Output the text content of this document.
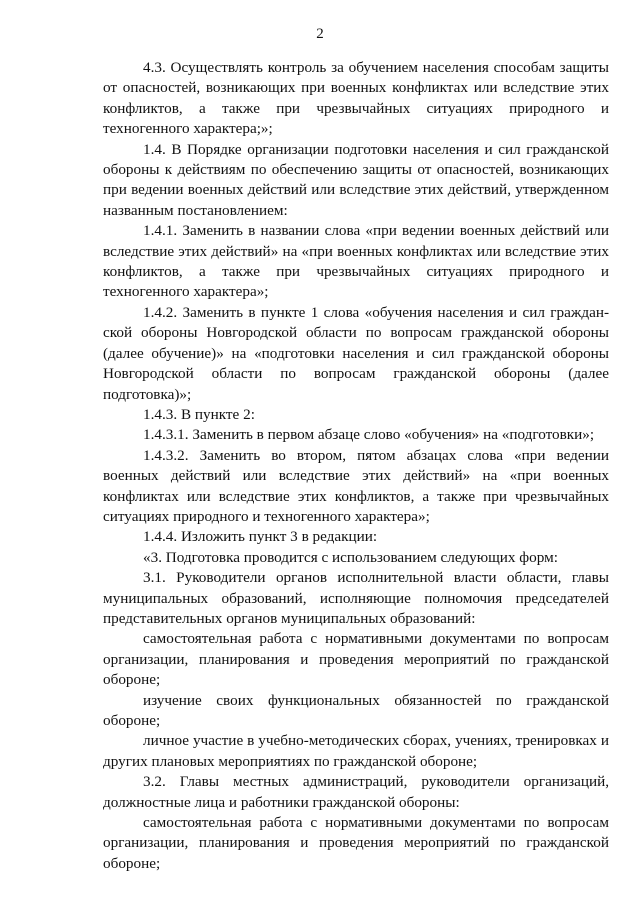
2

4.3. Осуществлять контроль за обучением населения способам защиты от опасностей, возникающих при военных конфликтах или вследствие этих конфликтов, а также при чрезвычайных ситуациях природного и техногенного характера;»;

1.4. В Порядке организации подготовки населения и сил гражданской обороны к действиям по обеспечению защиты от опасностей, возникающих при ведении военных действий или вследствие этих действий, утвержденном названным постановлением:

1.4.1. Заменить в названии слова «при ведении военных действий или вследствие этих действий» на «при военных конфликтах или вследствие этих конфликтов, а также при чрезвычайных ситуациях природного и техногенного характера»;

1.4.2. Заменить в пункте 1 слова «обучения населения и сил граждан-ской обороны Новгородской области по вопросам гражданской обороны (далее обучение)» на «подготовки населения и сил гражданской обороны Новгородской области по вопросам гражданской обороны (далее подготовка)»;

1.4.3. В пункте 2:

1.4.3.1. Заменить в первом абзаце слово «обучения» на «подготовки»;

1.4.3.2. Заменить во втором, пятом абзацах слова «при ведении военных действий или вследствие этих действий» на «при военных конфликтах или вследствие этих конфликтов, а также при чрезвычайных ситуациях природного и техногенного характера»;

1.4.4. Изложить пункт 3 в редакции:

«3. Подготовка проводится с использованием следующих форм:

3.1. Руководители органов исполнительной власти области, главы муниципальных образований, исполняющие полномочия председателей представительных органов муниципальных образований:

самостоятельная работа с нормативными документами по вопросам организации, планирования и проведения мероприятий по гражданской обороне;

изучение своих функциональных обязанностей по гражданской обороне;

личное участие в учебно-методических сборах, учениях, тренировках и других плановых мероприятиях по гражданской обороне;

3.2. Главы местных администраций, руководители организаций, должностные лица и работники гражданской обороны:

самостоятельная работа с нормативными документами по вопросам организации, планирования и проведения мероприятий по гражданской обороне;
